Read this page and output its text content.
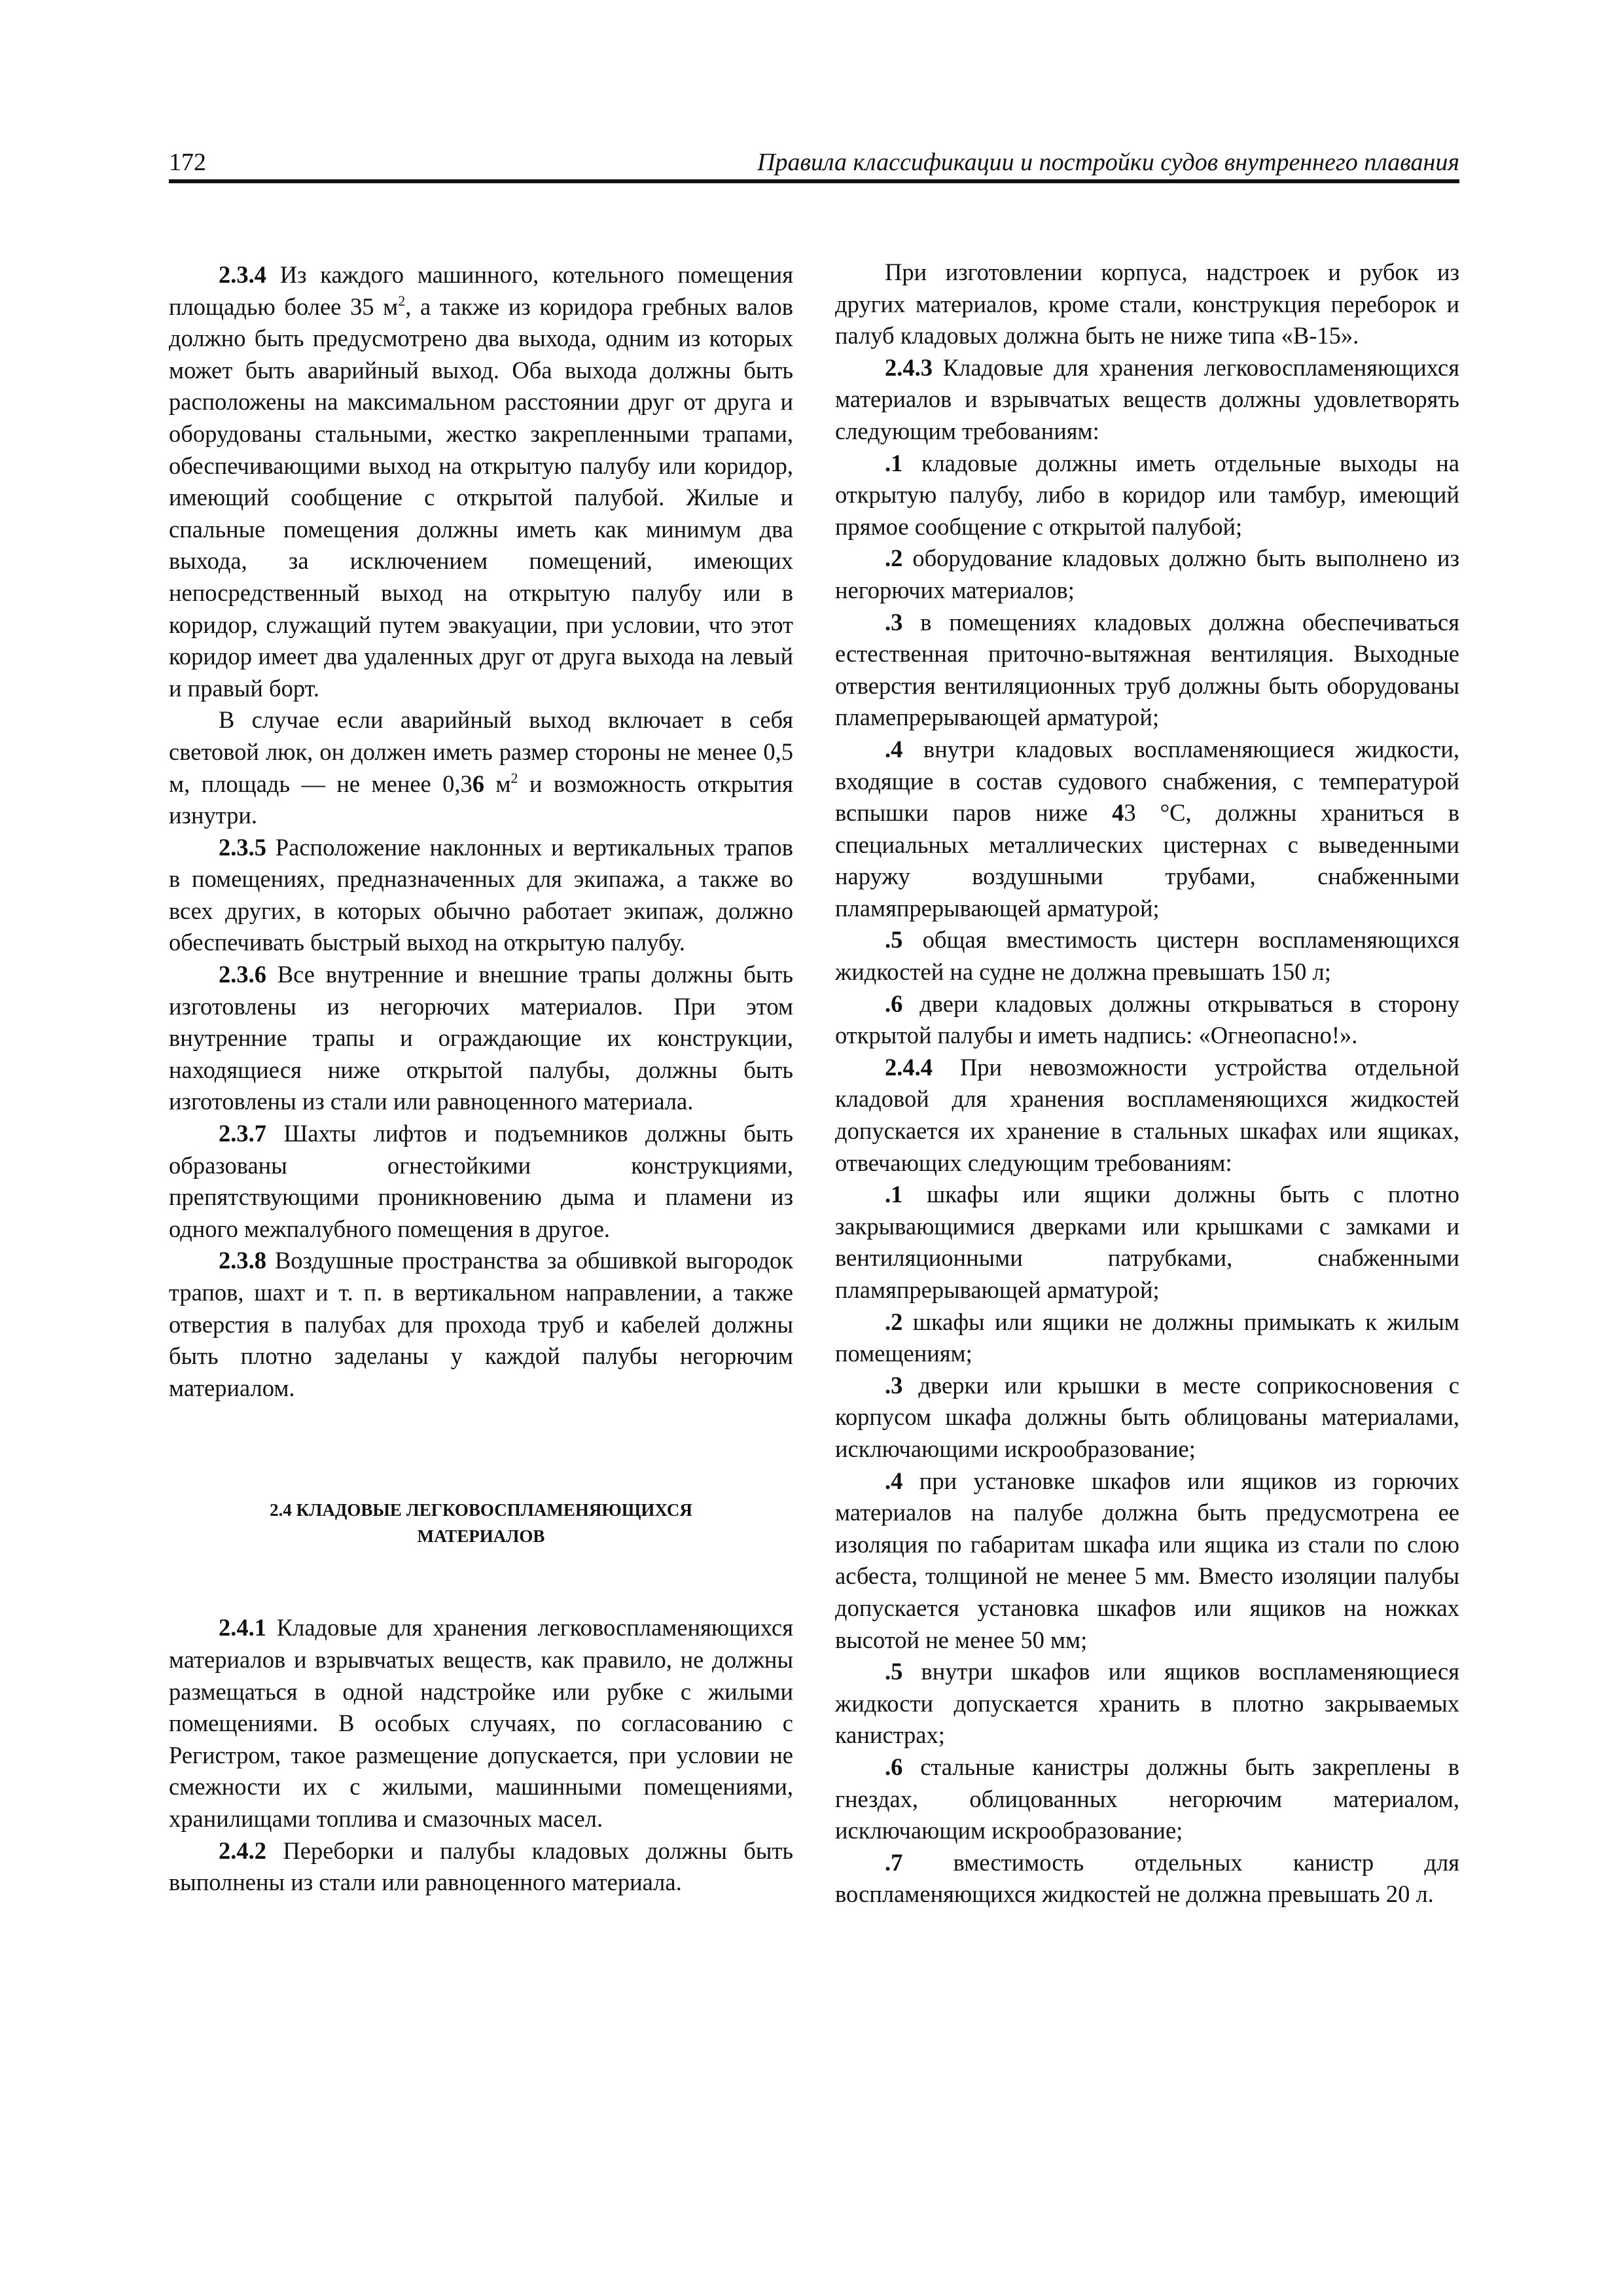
172	Правила классификации и постройки судов внутреннего плавания

2.3.4 Из каждого машинного, котельного помещения площадью более 35 $м^2$, а также из коридора гребных валов должно быть предусмотрено два выхода, одним из которых может быть аварийный выход. Оба выхода должны быть расположены на максимальном расстоянии друг от друга и оборудованы стальными, жестко закрепленными трапами, обеспечивающими выход на открытую палубу или коридор, имеющий сообщение с открытой палубой. Жилые и спальные помещения должны иметь как минимум два выхода, за исключением помещений, имеющих непосредственный выход на открытую палубу или в коридор, служащий путем эвакуации, при условии, что этот коридор имеет два удаленных друг от друга выхода на левый и правый борт.

В случае если аварийный выход включает в себя световой люк, он должен иметь размер стороны не менее 0,5 м, площадь — не менее 0,36 $м^2$ и возможность открытия изнутри.

2.3.5 Расположение наклонных и вертикальных трапов в помещениях, предназначенных для экипажа, а также во всех других, в которых обычно работает экипаж, должно обеспечивать быстрый выход на открытую палубу.

2.3.6 Все внутренние и внешние трапы должны быть изготовлены из негорючих материалов. При этом внутренние трапы и ограждающие их конструкции, находящиеся ниже открытой палубы, должны быть изготовлены из стали или равноценного материала.

2.3.7 Шахты лифтов и подъемников должны быть образованы огнестойкими конструкциями, препятствующими проникновению дыма и пламени из одного межпалубного помещения в другое.

2.3.8 Воздушные пространства за обшивкой выгородок трапов, шахт и т. п. в вертикальном направлении, а также отверстия в палубах для прохода труб и кабелей должны быть плотно заделаны у каждой палубы негорючим материалом.

2.4 КЛАДОВЫЕ ЛЕГКОВОСПЛАМЕНЯЮЩИХСЯ
МАТЕРИАЛОВ

2.4.1 Кладовые для хранения легковоспламеняющихся материалов и взрывчатых веществ, как правило, не должны размещаться в одной надстройке или рубке с жилыми помещениями. В особых случаях, по согласованию с Регистром, такое размещение допускается, при условии не смежности их с жилыми, машинными помещениями, хранилищами топлива и смазочных масел.

2.4.2 Переборки и палубы кладовых должны быть выполнены из стали или равноценного материала.

При изготовлении корпуса, надстроек и рубок из других материалов, кроме стали, конструкция переборок и палуб кладовых должна быть не ниже типа «В-15».

2.4.3 Кладовые для хранения легковоспламеняющихся материалов и взрывчатых веществ должны удовлетворять следующим требованиям:

.1 кладовые должны иметь отдельные выходы на открытую палубу, либо в коридор или тамбур, имеющий прямое сообщение с открытой палубой;

.2 оборудование кладовых должно быть выполнено из негорючих материалов;

.3 в помещениях кладовых должна обеспечиваться естественная приточно-вытяжная вентиляция. Выходные отверстия вентиляционных труб должны быть оборудованы пламепрерывающей арматурой;

.4 внутри кладовых воспламеняющиеся жидкости, входящие в состав судового снабжения, с температурой вспышки паров ниже 43 °С, должны храниться в специальных металлических цистернах с выведенными наружу воздушными трубами, снабженными пламяпрерывающей арматурой;

.5 общая вместимость цистерн воспламеняющихся жидкостей на судне не должна превышать 150 л;

.6 двери кладовых должны открываться в сторону открытой палубы и иметь надпись: «Огнеопасно!».

2.4.4 При невозможности устройства отдельной кладовой для хранения воспламеняющихся жидкостей допускается их хранение в стальных шкафах или ящиках, отвечающих следующим требованиям:

.1 шкафы или ящики должны быть с плотно закрывающимися дверками или крышками с замками и вентиляционными патрубками, снабженными пламяпрерывающей арматурой;

.2 шкафы или ящики не должны примыкать к жилым помещениям;

.3 дверки или крышки в месте соприкосновения с корпусом шкафа должны быть облицованы материалами, исключающими искрообразование;

.4 при установке шкафов или ящиков из горючих материалов на палубе должна быть предусмотрена ее изоляция по габаритам шкафа или ящика из стали по слою асбеста, толщиной не менее 5 мм. Вместо изоляции палубы допускается установка шкафов или ящиков на ножках высотой не менее 50 мм;

.5 внутри шкафов или ящиков воспламеняющиеся жидкости допускается хранить в плотно закрываемых канистрах;

.6 стальные канистры должны быть закреплены в гнездах, облицованных негорючим материалом, исключающим искрообразование;

.7 вместимость отдельных канистр для воспламеняющихся жидкостей не должна превышать 20 л.
